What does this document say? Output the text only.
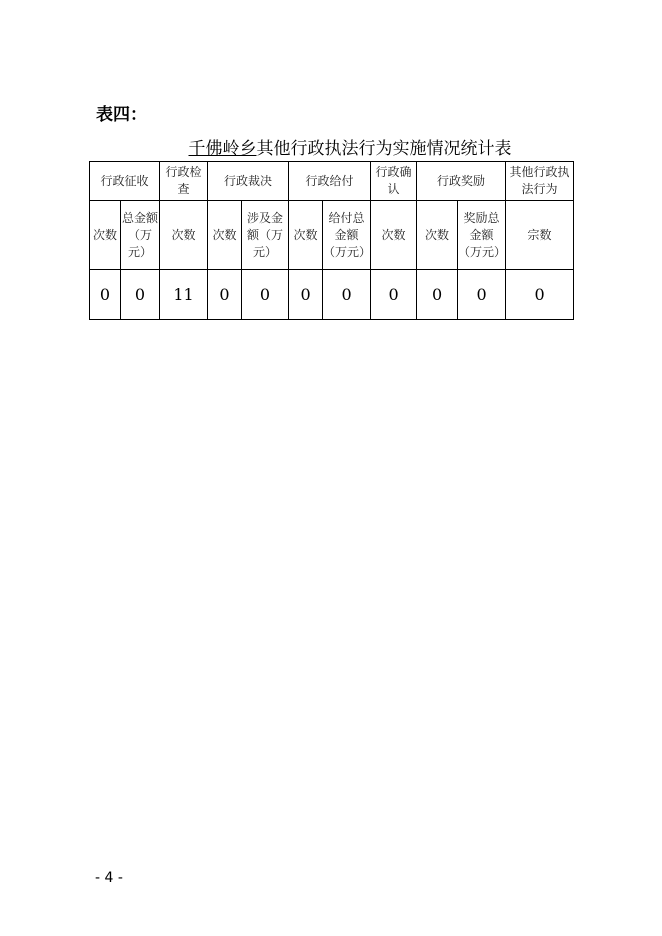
表四：
千佛岭乡其他行政执法行为实施情况统计表
行政征收		行政检查	行政裁决		行政给付		行政确认	行政奖励		其他行政执法行为
次数	总金额（万元）	次数	次数	涉及金额（万元）	次数	给付总金额（万元）	次数	次数	奖励总金额（万元）	宗数
0	0	11	0	0	0	0	0	0	0	0
- 4 -
